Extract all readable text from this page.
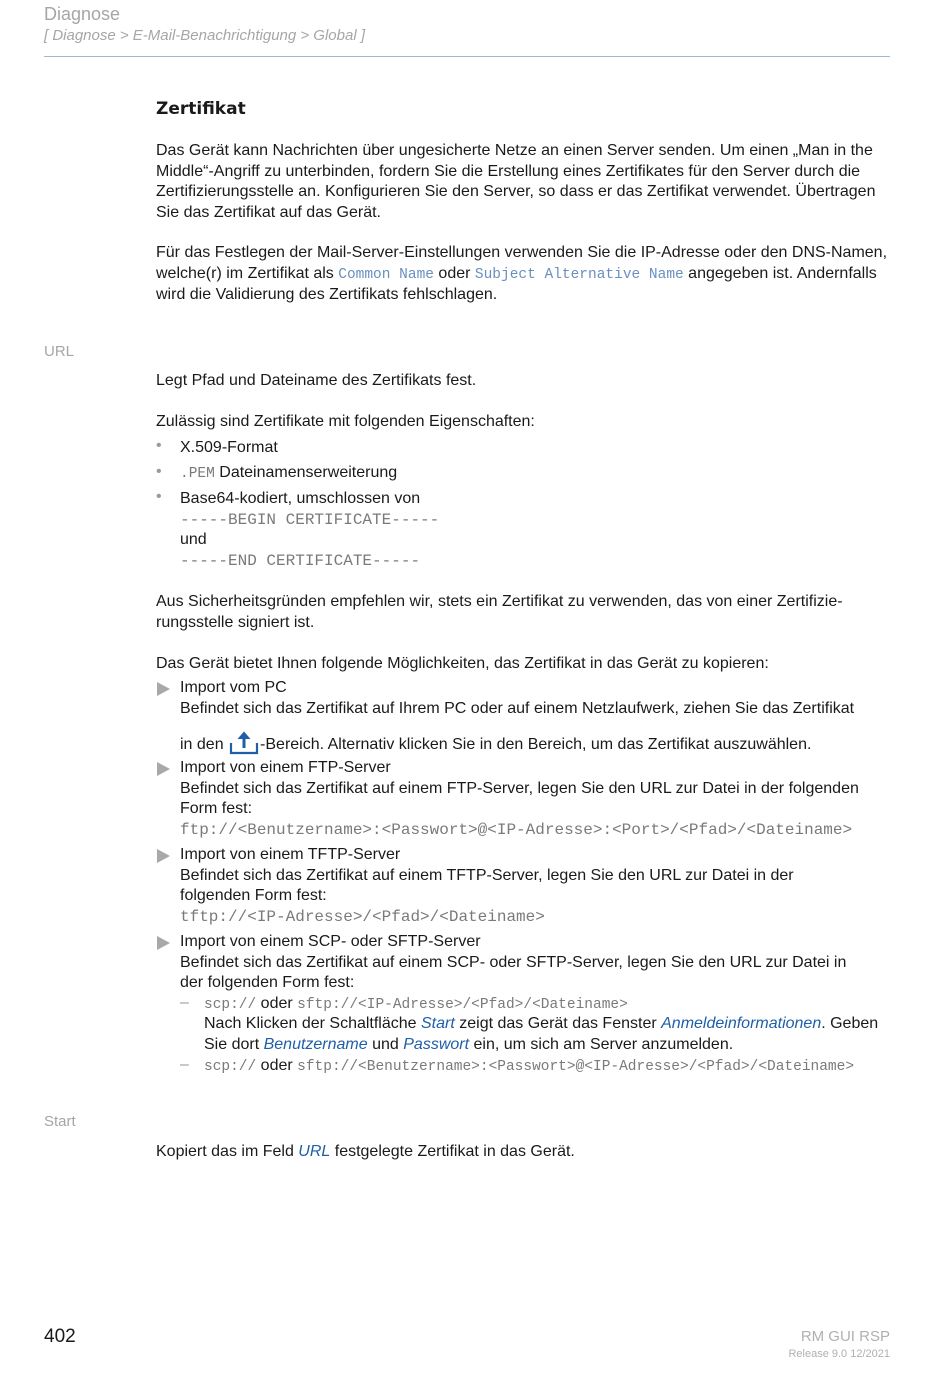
Diagnose
[ Diagnose > E-Mail-Benachrichtigung > Global ]
Zertifikat
Das Gerät kann Nachrichten über ungesicherte Netze an einen Server senden. Um einen „Man in the Middle“-Angriff zu unterbinden, fordern Sie die Erstellung eines Zertifikates für den Server durch die Zertifizierungsstelle an. Konfigurieren Sie den Server, so dass er das Zertifikat verwendet. Übertragen Sie das Zertifikat auf das Gerät.
Für das Festlegen der Mail-Server-Einstellungen verwenden Sie die IP-Adresse oder den DNS-Namen, welche(r) im Zertifikat als Common Name oder Subject Alternative Name angegeben ist. Andernfalls wird die Validierung des Zertifikats fehlschlagen.
URL
Legt Pfad und Dateiname des Zertifikats fest.
Zulässig sind Zertifikate mit folgenden Eigenschaften:
• X.509-Format
• .PEM Dateinamenserweiterung
• Base64-kodiert, umschlossen von
-----BEGIN CERTIFICATE-----
und
-----END CERTIFICATE-----
Aus Sicherheitsgründen empfehlen wir, stets ein Zertifikat zu verwenden, das von einer Zertifizie-rungsstelle signiert ist.
Das Gerät bietet Ihnen folgende Möglichkeiten, das Zertifikat in das Gerät zu kopieren:
Import vom PC
Befindet sich das Zertifikat auf Ihrem PC oder auf einem Netzlaufwerk, ziehen Sie das Zertifikat
in den -Bereich. Alternativ klicken Sie in den Bereich, um das Zertifikat auszuwählen.
Import von einem FTP-Server
Befindet sich das Zertifikat auf einem FTP-Server, legen Sie den URL zur Datei in der folgenden
Form fest:
ftp://<Benutzername>:<Passwort>@<IP-Adresse>:<Port>/<Pfad>/<Dateiname>
Import von einem TFTP-Server
Befindet sich das Zertifikat auf einem TFTP-Server, legen Sie den URL zur Datei in der
folgenden Form fest:
tftp://<IP-Adresse>/<Pfad>/<Dateiname>
Import von einem SCP- oder SFTP-Server
Befindet sich das Zertifikat auf einem SCP- oder SFTP-Server, legen Sie den URL zur Datei in
der folgenden Form fest:
– scp:// oder sftp://<IP-Adresse>/<Pfad>/<Dateiname>
Nach Klicken der Schaltfläche Start zeigt das Gerät das Fenster Anmeldeinformationen. Geben
Sie dort Benutzername und Passwort ein, um sich am Server anzumelden.
– scp:// oder sftp://<Benutzername>:<Passwort>@<IP-Adresse>/<Pfad>/<Dateiname>
Start
Kopiert das im Feld URL festgelegte Zertifikat in das Gerät.
402	RM GUI RSP
Release 9.0 12/2021
